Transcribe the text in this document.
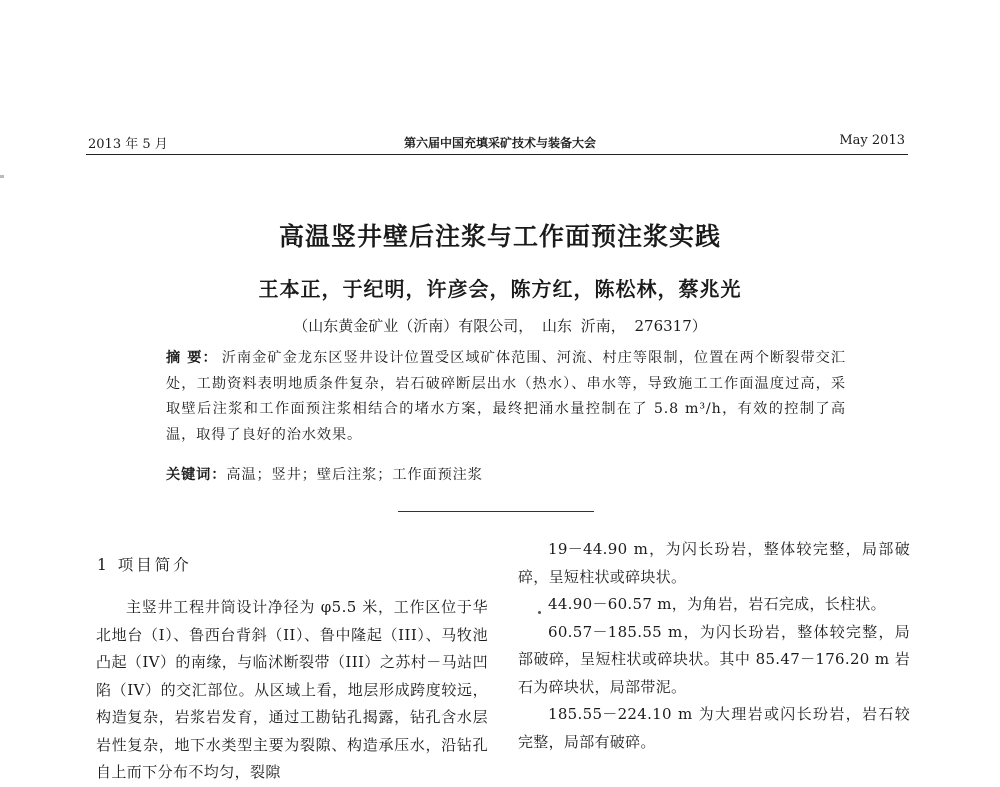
2013 年 5 月	第六届中国充填采矿技术与装备大会	May 2013
高温竖井壁后注浆与工作面预注浆实践
王本正，于纪明，许彦会，陈方红，陈松林，蔡兆光
（山东黄金矿业（沂南）有限公司， 山东 沂南， 276317）
摘 要： 沂南金矿金龙东区竖井设计位置受区域矿体范围、河流、村庄等限制，位置在两个断裂带交汇处，工勘资料表明地质条件复杂，岩石破碎断层出水（热水）、串水等，导致施工工作面温度过高，采取壁后注浆和工作面预注浆相结合的堵水方案，最终把涌水量控制在了 5.8 m³/h，有效的控制了高温，取得了良好的治水效果。
关键词：高温；竖井；壁后注浆；工作面预注浆
1 项目简介

主竖井工程井筒设计净径为 φ5.5 米，工作区位于华北地台（I）、鲁西台背斜（II）、鲁中隆起（III）、马牧池凸起（IV）的南缘，与临沭断裂带（III）之苏村－马站凹陷（IV）的交汇部位。从区域上看，地层形成跨度较远，构造复杂，岩浆岩发育，通过工勘钻孔揭露，钻孔含水层岩性复杂，地下水类型主要为裂隙、构造承压水，沿钻孔自上而下分布不均匀，裂隙

19－44.90 m，为闪长玢岩，整体较完整，局部破碎，呈短柱状或碎块状。

44.90－60.57 m，为角岩，岩石完成，长柱状。

60.57－185.55 m，为闪长玢岩，整体较完整，局部破碎，呈短柱状或碎块状。其中 85.47－176.20 m 岩石为碎块状，局部带泥。

185.55－224.10 m 为大理岩或闪长玢岩，岩石较完整，局部有破碎。
